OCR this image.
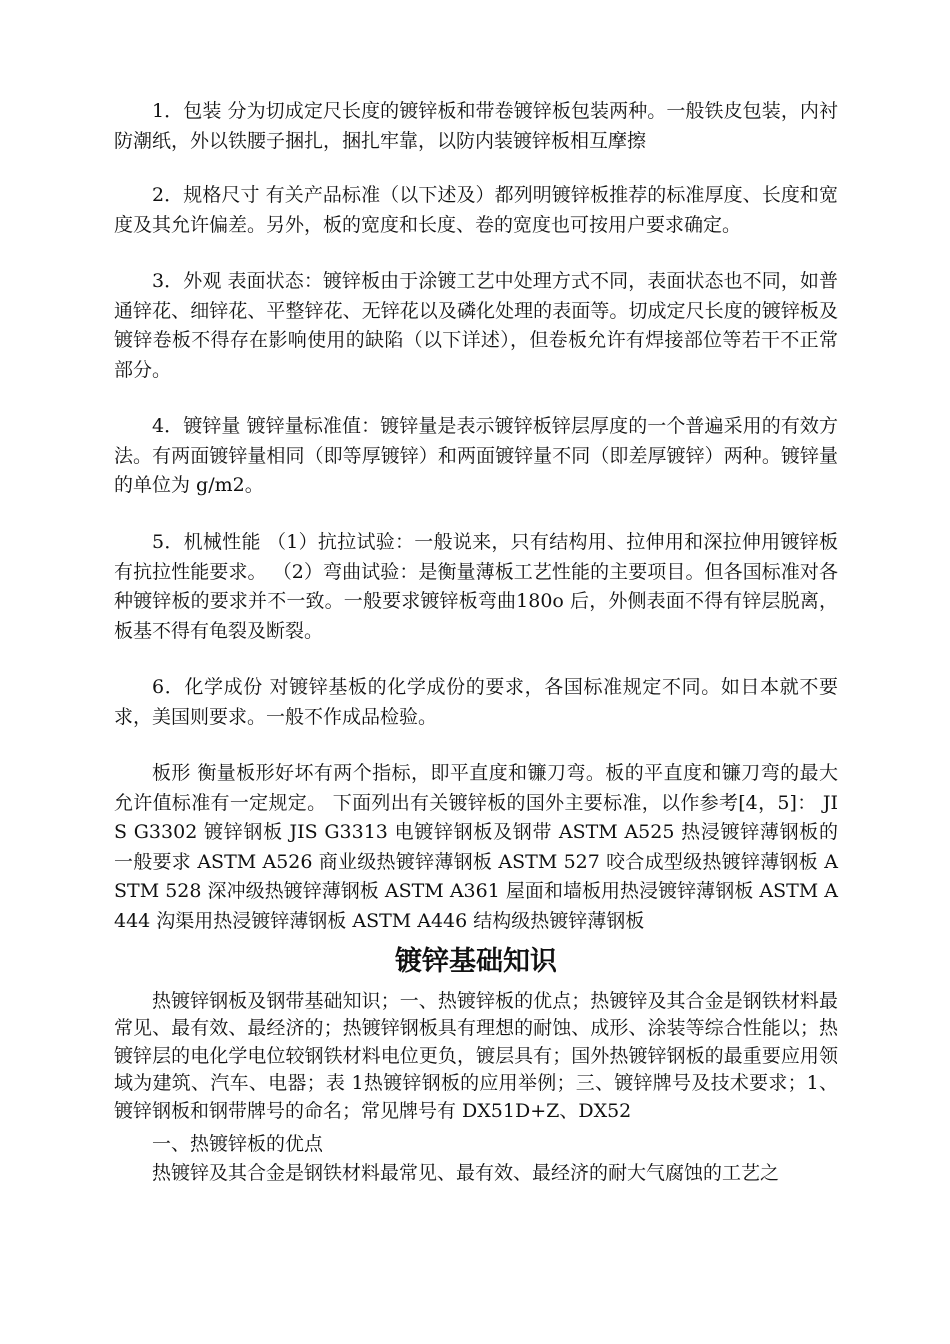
1．包装 分为切成定尺长度的镀锌板和带卷镀锌板包装两种。一般铁皮包装，内衬防潮纸，外以铁腰子捆扎，捆扎牢靠，以防内装镀锌板相互摩擦

2．规格尺寸 有关产品标准（以下述及）都列明镀锌板推荐的标准厚度、长度和宽度及其允许偏差。另外，板的宽度和长度、卷的宽度也可按用户要求确定。

3．外观 表面状态：镀锌板由于涂镀工艺中处理方式不同，表面状态也不同，如普通锌花、细锌花、平整锌花、无锌花以及磷化处理的表面等。切成定尺长度的镀锌板及镀锌卷板不得存在影响使用的缺陷（以下详述），但卷板允许有焊接部位等若干不正常部分。

4．镀锌量 镀锌量标准值：镀锌量是表示镀锌板锌层厚度的一个普遍采用的有效方法。有两面镀锌量相同（即等厚镀锌）和两面镀锌量不同（即差厚镀锌）两种。镀锌量的单位为 g/m2。

5．机械性能 （1）抗拉试验：一般说来，只有结构用、拉伸用和深拉伸用镀锌板有抗拉性能要求。 （2）弯曲试验：是衡量薄板工艺性能的主要项目。但各国标准对各种镀锌板的要求并不一致。一般要求镀锌板弯曲180o 后，外侧表面不得有锌层脱离，板基不得有龟裂及断裂。

6．化学成份 对镀锌基板的化学成份的要求，各国标准规定不同。如日本就不要求，美国则要求。一般不作成品检验。

板形 衡量板形好坏有两个指标，即平直度和镰刀弯。板的平直度和镰刀弯的最大允许值标准有一定规定。 下面列出有关镀锌板的国外主要标准，以作参考[4，5]： JIS G3302 镀锌钢板 JIS G3313 电镀锌钢板及钢带 ASTM A525 热浸镀锌薄钢板的一般要求 ASTM A526 商业级热镀锌薄钢板 ASTM 527 咬合成型级热镀锌薄钢板 ASTM 528 深冲级热镀锌薄钢板 ASTM A361 屋面和墙板用热浸镀锌薄钢板 ASTM A444 沟渠用热浸镀锌薄钢板 ASTM A446 结构级热镀锌薄钢板

镀锌基础知识

热镀锌钢板及钢带基础知识；一、热镀锌板的优点；热镀锌及其合金是钢铁材料最常见、最有效、最经济的；热镀锌钢板具有理想的耐蚀、成形、涂装等综合性能以；热镀锌层的电化学电位较钢铁材料电位更负，镀层具有；国外热镀锌钢板的最重要应用领域为建筑、汽车、电器；表 1热镀锌钢板的应用举例；三、镀锌牌号及技术要求；1、镀锌钢板和钢带牌号的命名；常见牌号有 DX51D+Z、DX52

一、热镀锌板的优点

热镀锌及其合金是钢铁材料最常见、最有效、最经济的耐大气腐蚀的工艺之
